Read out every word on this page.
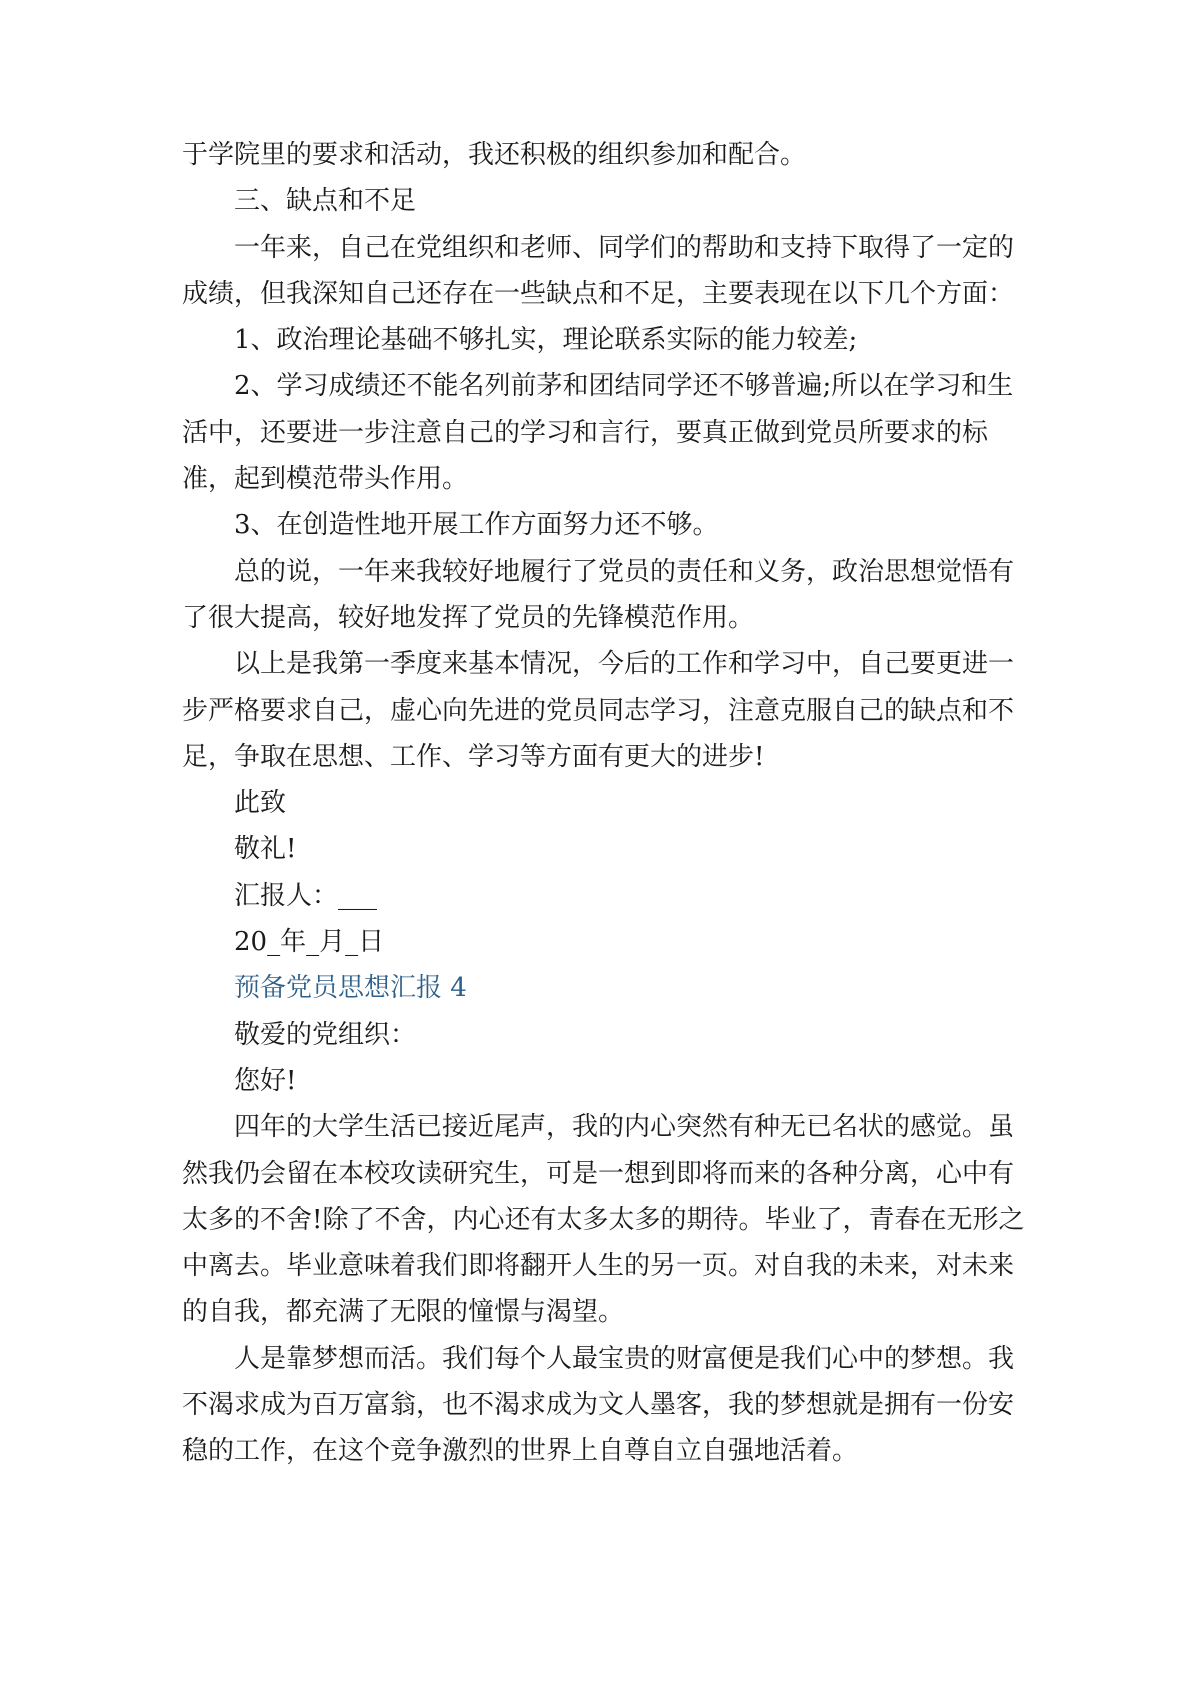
于学院里的要求和活动，我还积极的组织参加和配合。

三、缺点和不足

一年来，自己在党组织和老师、同学们的帮助和支持下取得了一定的成绩，但我深知自己还存在一些缺点和不足，主要表现在以下几个方面：

1、政治理论基础不够扎实，理论联系实际的能力较差;

2、学习成绩还不能名列前茅和团结同学还不够普遍;所以在学习和生活中，还要进一步注意自己的学习和言行，要真正做到党员所要求的标准，起到模范带头作用。

3、在创造性地开展工作方面努力还不够。

总的说，一年来我较好地履行了党员的责任和义务，政治思想觉悟有了很大提高，较好地发挥了党员的先锋模范作用。

以上是我第一季度来基本情况，今后的工作和学习中，自己要更进一步严格要求自己，虚心向先进的党员同志学习，注意克服自己的缺点和不足，争取在思想、工作、学习等方面有更大的进步!

此致

敬礼!

汇报人：___

20_年_月_日

预备党员思想汇报 4

敬爱的党组织：

您好!

四年的大学生活已接近尾声，我的内心突然有种无已名状的感觉。虽然我仍会留在本校攻读研究生，可是一想到即将而来的各种分离，心中有太多的不舍!除了不舍，内心还有太多太多的期待。毕业了，青春在无形之中离去。毕业意味着我们即将翻开人生的另一页。对自我的未来，对未来的自我，都充满了无限的憧憬与渴望。

人是靠梦想而活。我们每个人最宝贵的财富便是我们心中的梦想。我不渴求成为百万富翁，也不渴求成为文人墨客，我的梦想就是拥有一份安稳的工作，在这个竞争激烈的世界上自尊自立自强地活着。
